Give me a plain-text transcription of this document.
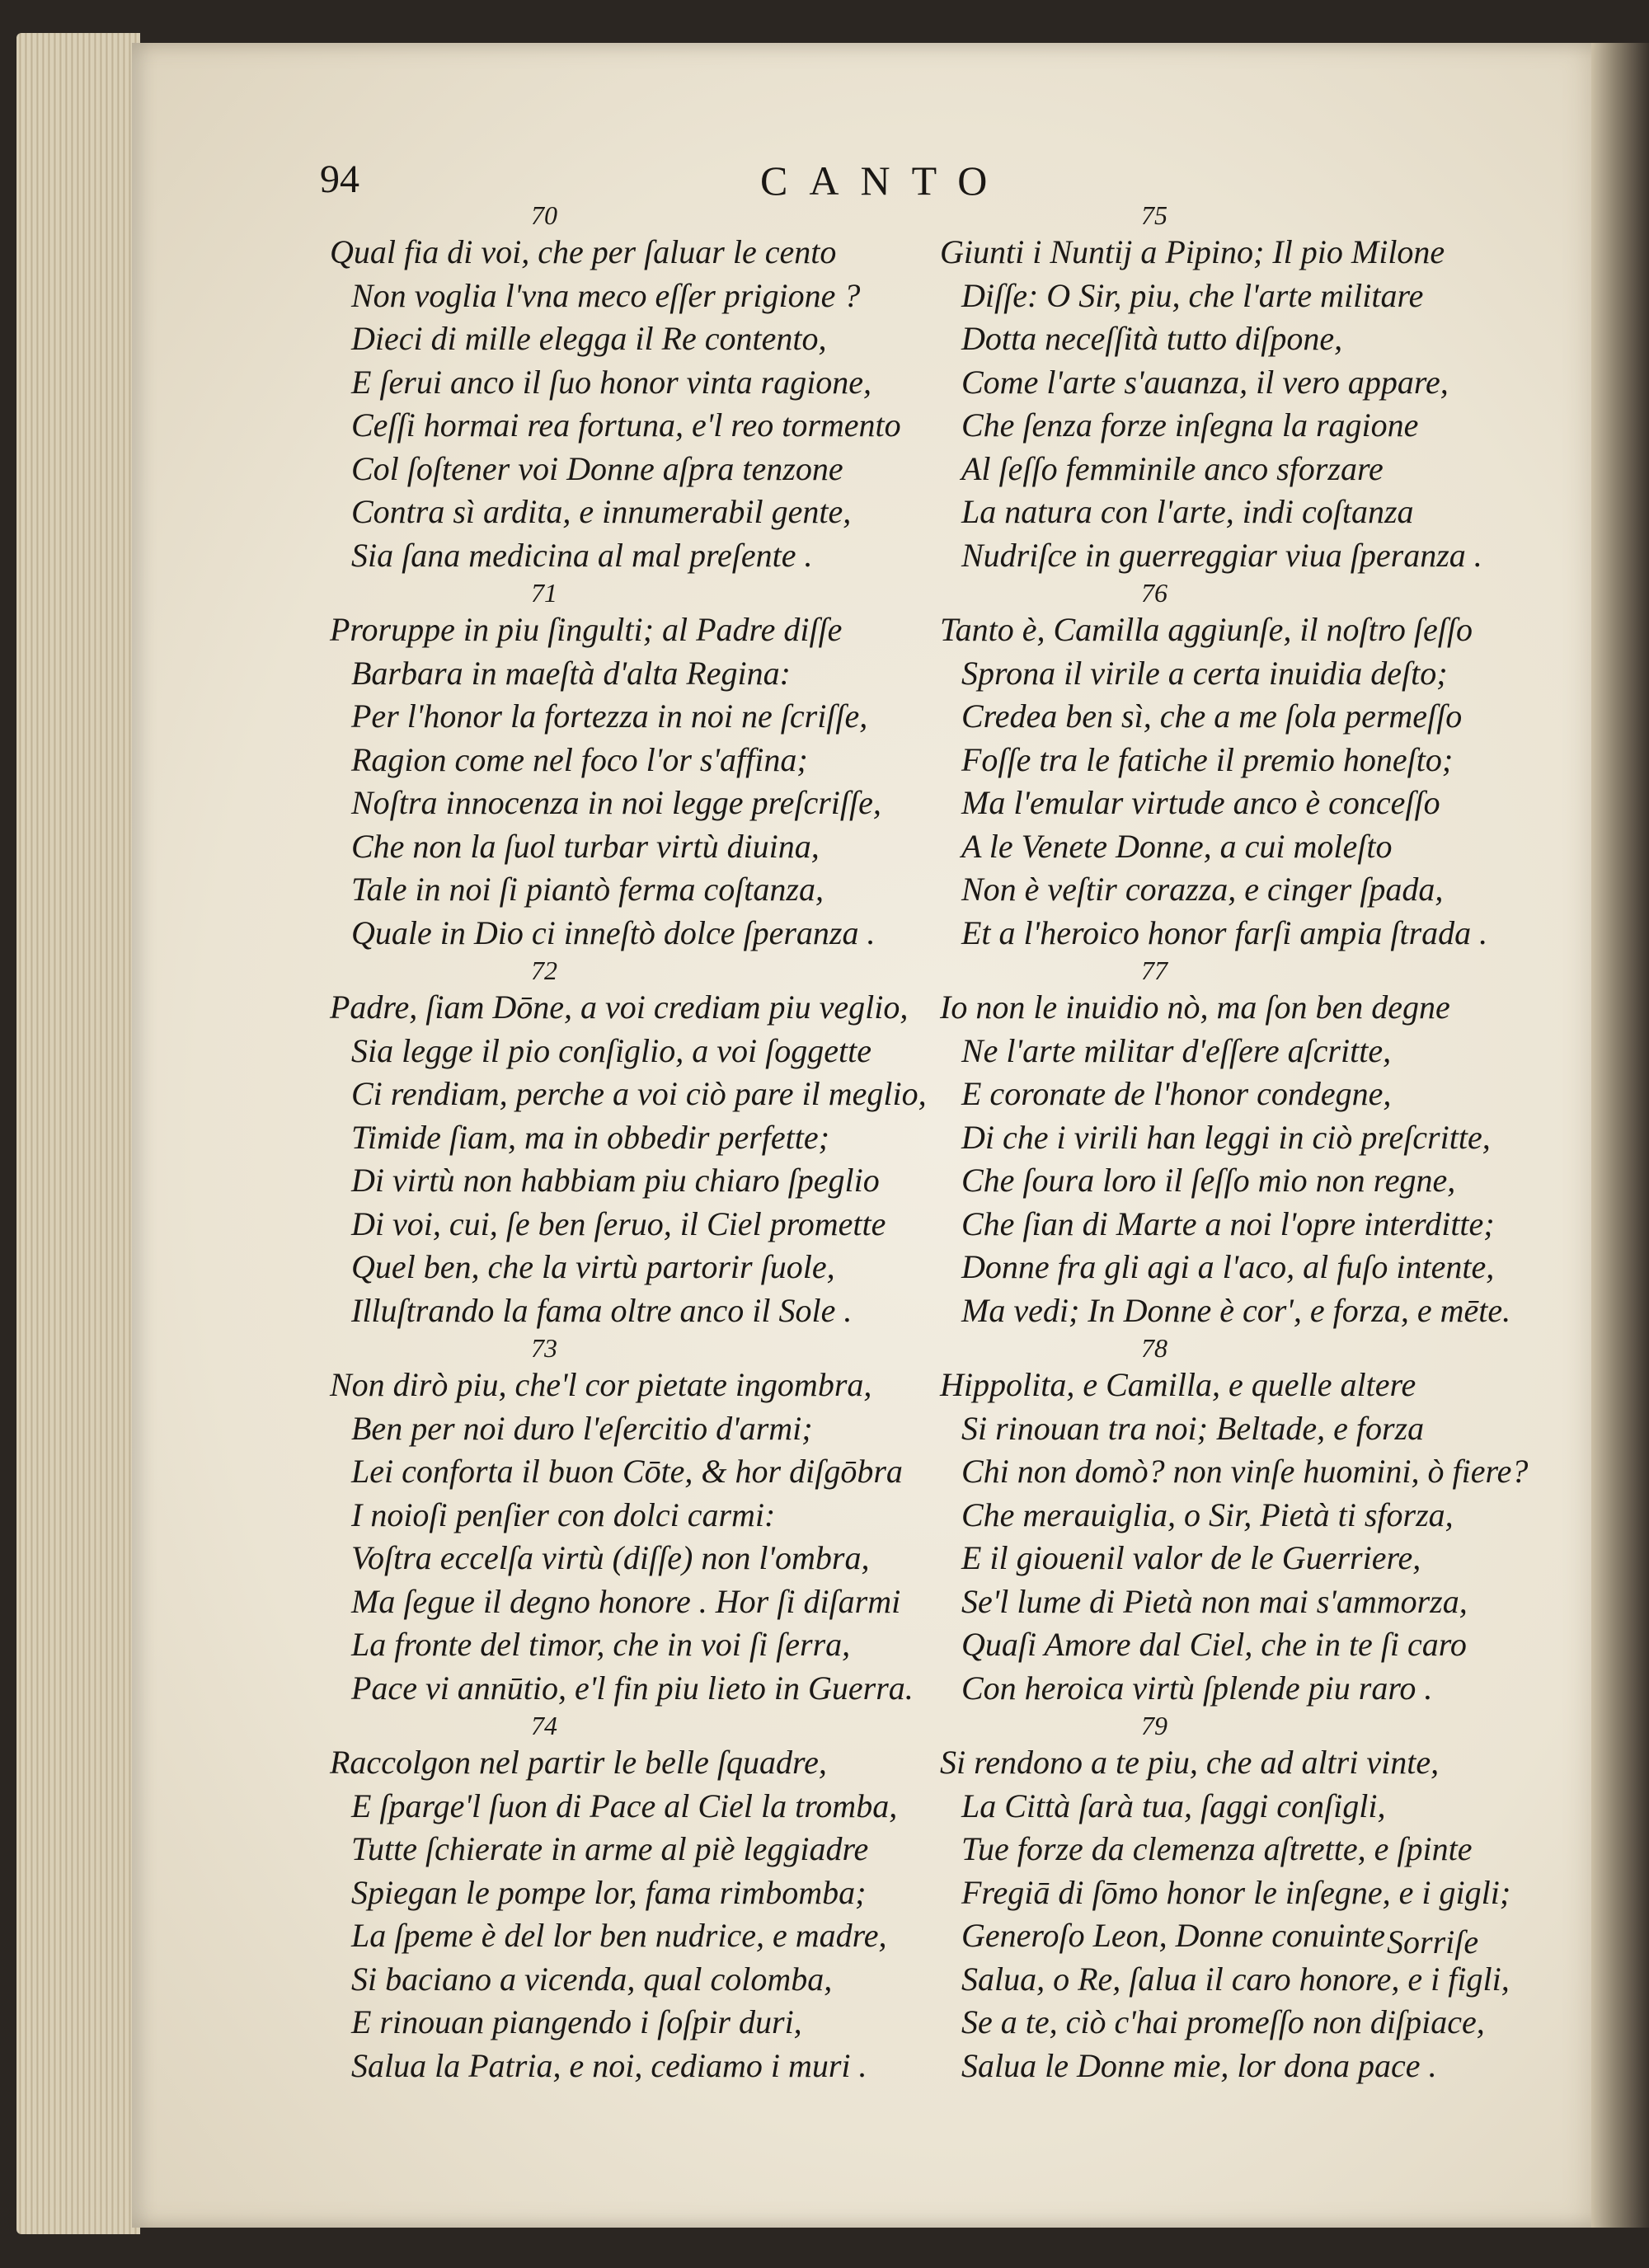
94	CANTO
70
Qual fia di voi, che per ſaluar le cento
Non voglia l'vna meco eſſer prigione ?
Dieci di mille elegga il Re contento,
E ſerui anco il ſuo honor vinta ragione,
Ceſſi hormai rea fortuna, e'l reo tormento
Col ſoſtener voi Donne aſpra tenzone
Contra sì ardita, e innumerabil gente,
Sia ſana medicina al mal preſente .
71
Proruppe in piu ſingulti; al Padre diſſe
Barbara in maeſtà d'alta Regina:
Per l'honor la fortezza in noi ne ſcriſſe,
Ragion come nel foco l'or s'affina;
Noſtra innocenza in noi legge preſcriſſe,
Che non la ſuol turbar virtù diuina,
Tale in noi ſi piantò ferma coſtanza,
Quale in Dio ci inneſtò dolce ſperanza .
72
Padre, ſiam Dōne, a voi crediam piu veglio,
Sia legge il pio conſiglio, a voi ſoggette
Ci rendiam, perche a voi ciò pare il meglio,
Timide ſiam, ma in obbedir perfette;
Di virtù non habbiam piu chiaro ſpeglio
Di voi, cui, ſe ben ſeruo, il Ciel promette
Quel ben, che la virtù partorir ſuole,
Illuſtrando la fama oltre anco il Sole .
73
Non dirò piu, che'l cor pietate ingombra,
Ben per noi duro l'eſercitio d'armi;
Lei conforta il buon Cōte, & hor diſgōbra
I noioſi penſier con dolci carmi:
Voſtra eccelſa virtù (diſſe) non l'ombra,
Ma ſegue il degno honore . Hor ſi diſarmi
La fronte del timor, che in voi ſi ſerra,
Pace vi annūtio, e'l fin piu lieto in Guerra.
74
Raccolgon nel partir le belle ſquadre,
E ſparge'l ſuon di Pace al Ciel la tromba,
Tutte ſchierate in arme al piè leggiadre
Spiegan le pompe lor, fama rimbomba;
La ſpeme è del lor ben nudrice, e madre,
Si baciano a vicenda, qual colomba,
E rinouan piangendo i ſoſpir duri,
Salua la Patria, e noi, cediamo i muri .
75
Giunti i Nuntij a Pipino; Il pio Milone
Diſſe: O Sir, piu, che l'arte militare
Dotta neceſſità tutto diſpone,
Come l'arte s'auanza, il vero appare,
Che ſenza forze inſegna la ragione
Al ſeſſo femminile anco sforzare
La natura con l'arte, indi coſtanza
Nudriſce in guerreggiar viua ſperanza .
76
Tanto è, Camilla aggiunſe, il noſtro ſeſſo
Sprona il virile a certa inuidia deſto;
Credea ben sì, che a me ſola permeſſo
Foſſe tra le fatiche il premio honeſto;
Ma l'emular virtude anco è conceſſo
A le Venete Donne, a cui moleſto
Non è veſtir corazza, e cinger ſpada,
Et a l'heroico honor farſi ampia ſtrada .
77
Io non le inuidio nò, ma ſon ben degne
Ne l'arte militar d'eſſere aſcritte,
E coronate de l'honor condegne,
Di che i virili han leggi in ciò preſcritte,
Che ſoura loro il ſeſſo mio non regne,
Che ſian di Marte a noi l'opre interditte;
Donne fra gli agi a l'aco, al fuſo intente,
Ma vedi; In Donne è cor', e forza, e mēte.
78
Hippolita, e Camilla, e quelle altere
Si rinouan tra noi; Beltade, e forza
Chi non domò? non vinſe huomini, ò fiere?
Che merauiglia, o Sir, Pietà ti sforza,
E il giouenil valor de le Guerriere,
Se'l lume di Pietà non mai s'ammorza,
Quaſi Amore dal Ciel, che in te ſi caro
Con heroica virtù ſplende piu raro .
79
Si rendono a te piu, che ad altri vinte,
La Città ſarà tua, ſaggi conſigli,
Tue forze da clemenza aſtrette, e ſpinte
Fregiā di ſōmo honor le inſegne, e i gigli;
Generoſo Leon, Donne conuinte
Salua, o Re, ſalua il caro honore, e i figli,
Se a te, ciò c'hai promeſſo non diſpiace,
Salua le Donne mie, lor dona pace .
Sorriſe
